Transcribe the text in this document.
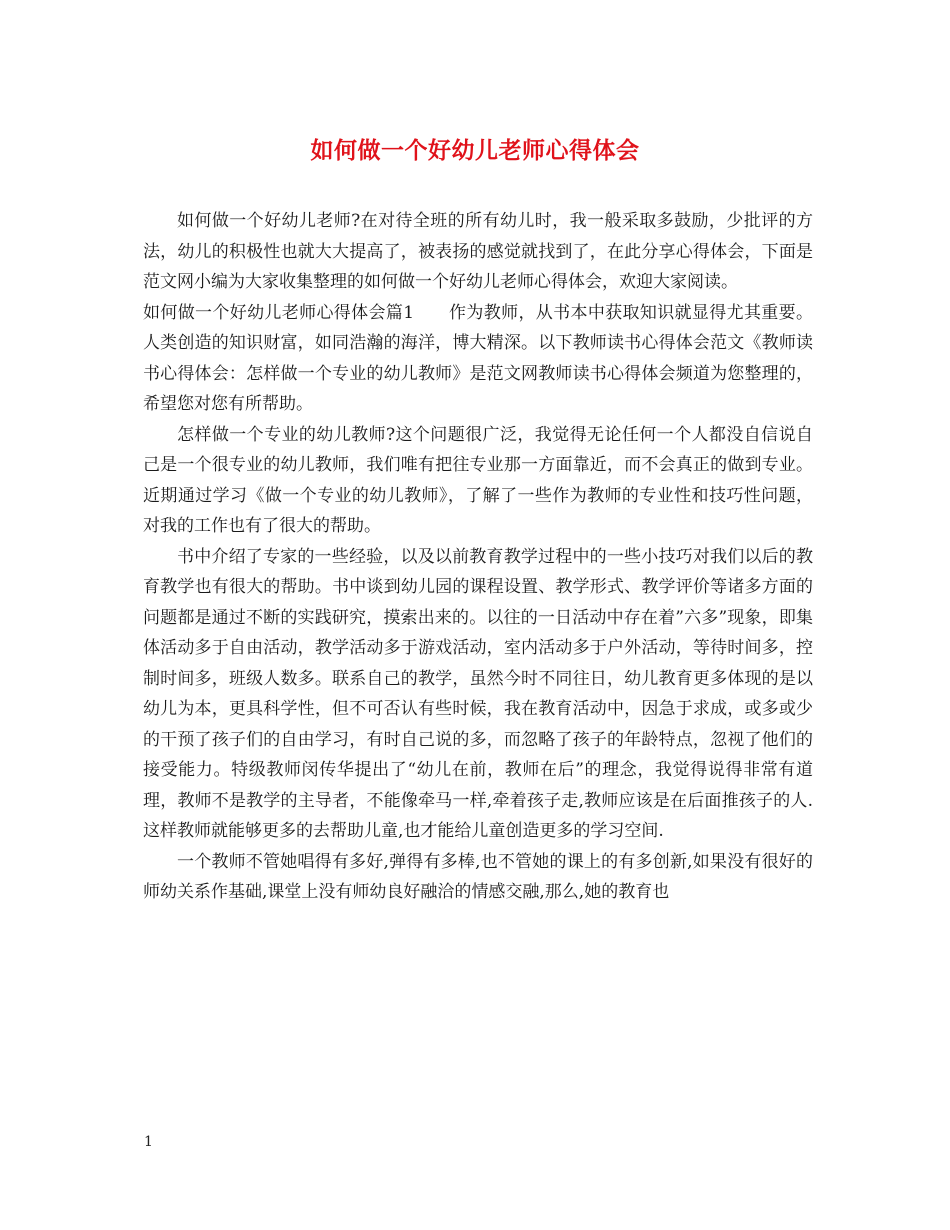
如何做一个好幼儿老师心得体会

如何做一个好幼儿老师?在对待全班的所有幼儿时，我一般采取多鼓励，少批评的方法，幼儿的积极性也就大大提高了，被表扬的感觉就找到了，在此分享心得体会，下面是范文网小编为大家收集整理的如何做一个好幼儿老师心得体会，欢迎大家阅读。

如何做一个好幼儿老师心得体会篇1　　作为教师，从书本中获取知识就显得尤其重要。人类创造的知识财富，如同浩瀚的海洋，博大精深。以下教师读书心得体会范文《教师读书心得体会：怎样做一个专业的幼儿教师》是范文网教师读书心得体会频道为您整理的，希望您对您有所帮助。

怎样做一个专业的幼儿教师?这个问题很广泛，我觉得无论任何一个人都没自信说自己是一个很专业的幼儿教师，我们唯有把往专业那一方面靠近，而不会真正的做到专业。近期通过学习《做一个专业的幼儿教师》，了解了一些作为教师的专业性和技巧性问题，对我的工作也有了很大的帮助。

书中介绍了专家的一些经验，以及以前教育教学过程中的一些小技巧对我们以后的教育教学也有很大的帮助。书中谈到幼儿园的课程设置、教学形式、教学评价等诸多方面的问题都是通过不断的实践研究，摸索出来的。以往的一日活动中存在着”六多”现象，即集体活动多于自由活动，教学活动多于游戏活动，室内活动多于户外活动，等待时间多，控制时间多，班级人数多。联系自己的教学，虽然今时不同往日，幼儿教育更多体现的是以幼儿为本，更具科学性，但不可否认有些时候，我在教育活动中，因急于求成，或多或少的干预了孩子们的自由学习，有时自己说的多，而忽略了孩子的年龄特点，忽视了他们的接受能力。特级教师闵传华提出了“幼儿在前，教师在后”的理念，我觉得说得非常有道理，教师不是教学的主导者，不能像牵马一样,牵着孩子走,教师应该是在后面推孩子的人.这样教师就能够更多的去帮助儿童,也才能给儿童创造更多的学习空间.

一个教师不管她唱得有多好,弹得有多棒,也不管她的课上的有多创新,如果没有很好的师幼关系作基础,课堂上没有师幼良好融洽的情感交融,那么,她的教育也

1
